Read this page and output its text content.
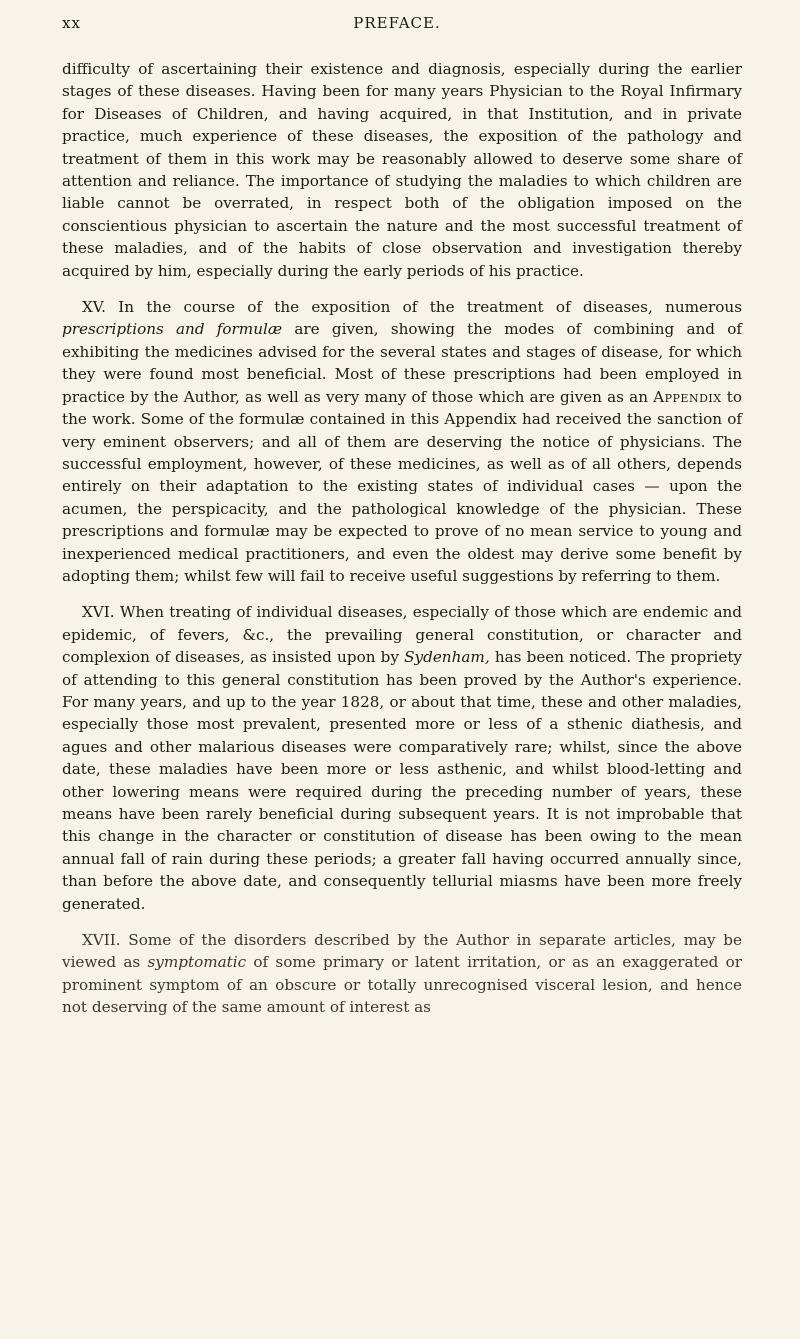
xx	PREFACE.

difficulty of ascertaining their existence and diagnosis, especially during the earlier stages of these diseases. Having been for many years Physician to the Royal Infirmary for Diseases of Children, and having acquired, in that Institution, and in private practice, much experience of these diseases, the exposition of the pathology and treatment of them in this work may be reasonably allowed to deserve some share of attention and reliance. The importance of studying the maladies to which children are liable cannot be overrated, in respect both of the obligation imposed on the conscientious physician to ascertain the nature and the most successful treatment of these maladies, and of the habits of close observation and investigation thereby acquired by him, especially during the early periods of his practice.

XV. In the course of the exposition of the treatment of diseases, numerous prescriptions and formulæ are given, showing the modes of combining and of exhibiting the medicines advised for the several states and stages of disease, for which they were found most beneficial. Most of these prescriptions had been employed in practice by the Author, as well as very many of those which are given as an Appendix to the work. Some of the formulæ contained in this Appendix had received the sanction of very eminent observers; and all of them are deserving the notice of physicians. The successful employment, however, of these medicines, as well as of all others, depends entirely on their adaptation to the existing states of individual cases — upon the acumen, the perspicacity, and the pathological knowledge of the physician. These prescriptions and formulæ may be expected to prove of no mean service to young and inexperienced medical practitioners, and even the oldest may derive some benefit by adopting them; whilst few will fail to receive useful suggestions by referring to them.

XVI. When treating of individual diseases, especially of those which are endemic and epidemic, of fevers, &c., the prevailing general constitution, or character and complexion of diseases, as insisted upon by Sydenham, has been noticed. The propriety of attending to this general constitution has been proved by the Author's experience. For many years, and up to the year 1828, or about that time, these and other maladies, especially those most prevalent, presented more or less of a sthenic diathesis, and agues and other malarious diseases were comparatively rare; whilst, since the above date, these maladies have been more or less asthenic, and whilst blood-letting and other lowering means were required during the preceding number of years, these means have been rarely beneficial during subsequent years. It is not improbable that this change in the character or constitution of disease has been owing to the mean annual fall of rain during these periods; a greater fall having occurred annually since, than before the above date, and consequently tellurial miasms have been more freely generated.

XVII. Some of the disorders described by the Author in separate articles, may be viewed as symptomatic of some primary or latent irritation, or as an exaggerated or prominent symptom of an obscure or totally unrecognised visceral lesion, and hence not deserving of the same amount of interest as
